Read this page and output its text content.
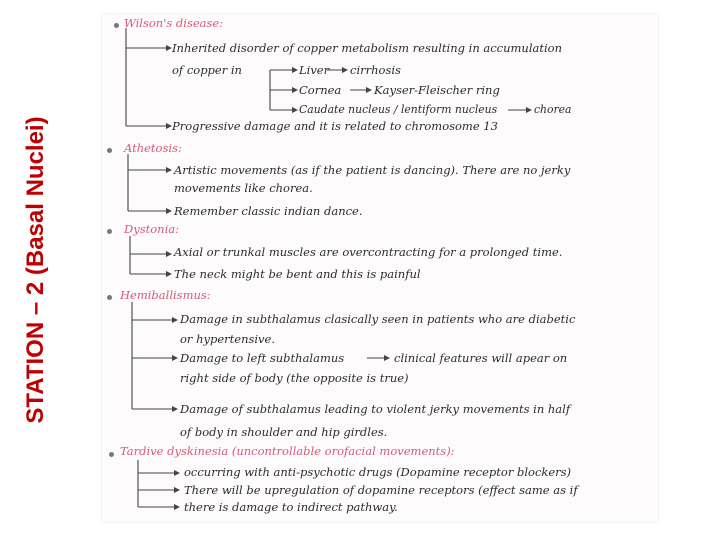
STATION – 2 (Basal Nuclei)
Wilson's disease:
Inherited disorder of copper metabolism resulting in accumulation
of copper in	Liver cirrhosis
Cornea	Kayser-Fleischer ring
Caudate nucleus / lentiform nucleus	chorea
Progressive damage and it is related to chromosome 13
Athetosis:
Artistic movements (as if the patient is dancing). There are no jerky
movements like chorea.
Remember classic indian dance.
Dystonia:
Axial or trunkal muscles are overcontracting for a prolonged time.
The neck might be bent and this is painful
Hemiballismus:
Damage in subthalamus clasically seen in patients who are diabetic
or hypertensive.
Damage to left subthalamus	clinical features will apear on
right side of body (the opposite is true)
Damage of subthalamus leading to violent jerky movements in half
of body in shoulder and hip girdles.
Tardive dyskinesia (uncontrollable orofacial movements):
occurring with anti-psychotic drugs (Dopamine receptor blockers)
There will be upregulation of dopamine receptors (effect same as if
there is damage to indirect pathway.
